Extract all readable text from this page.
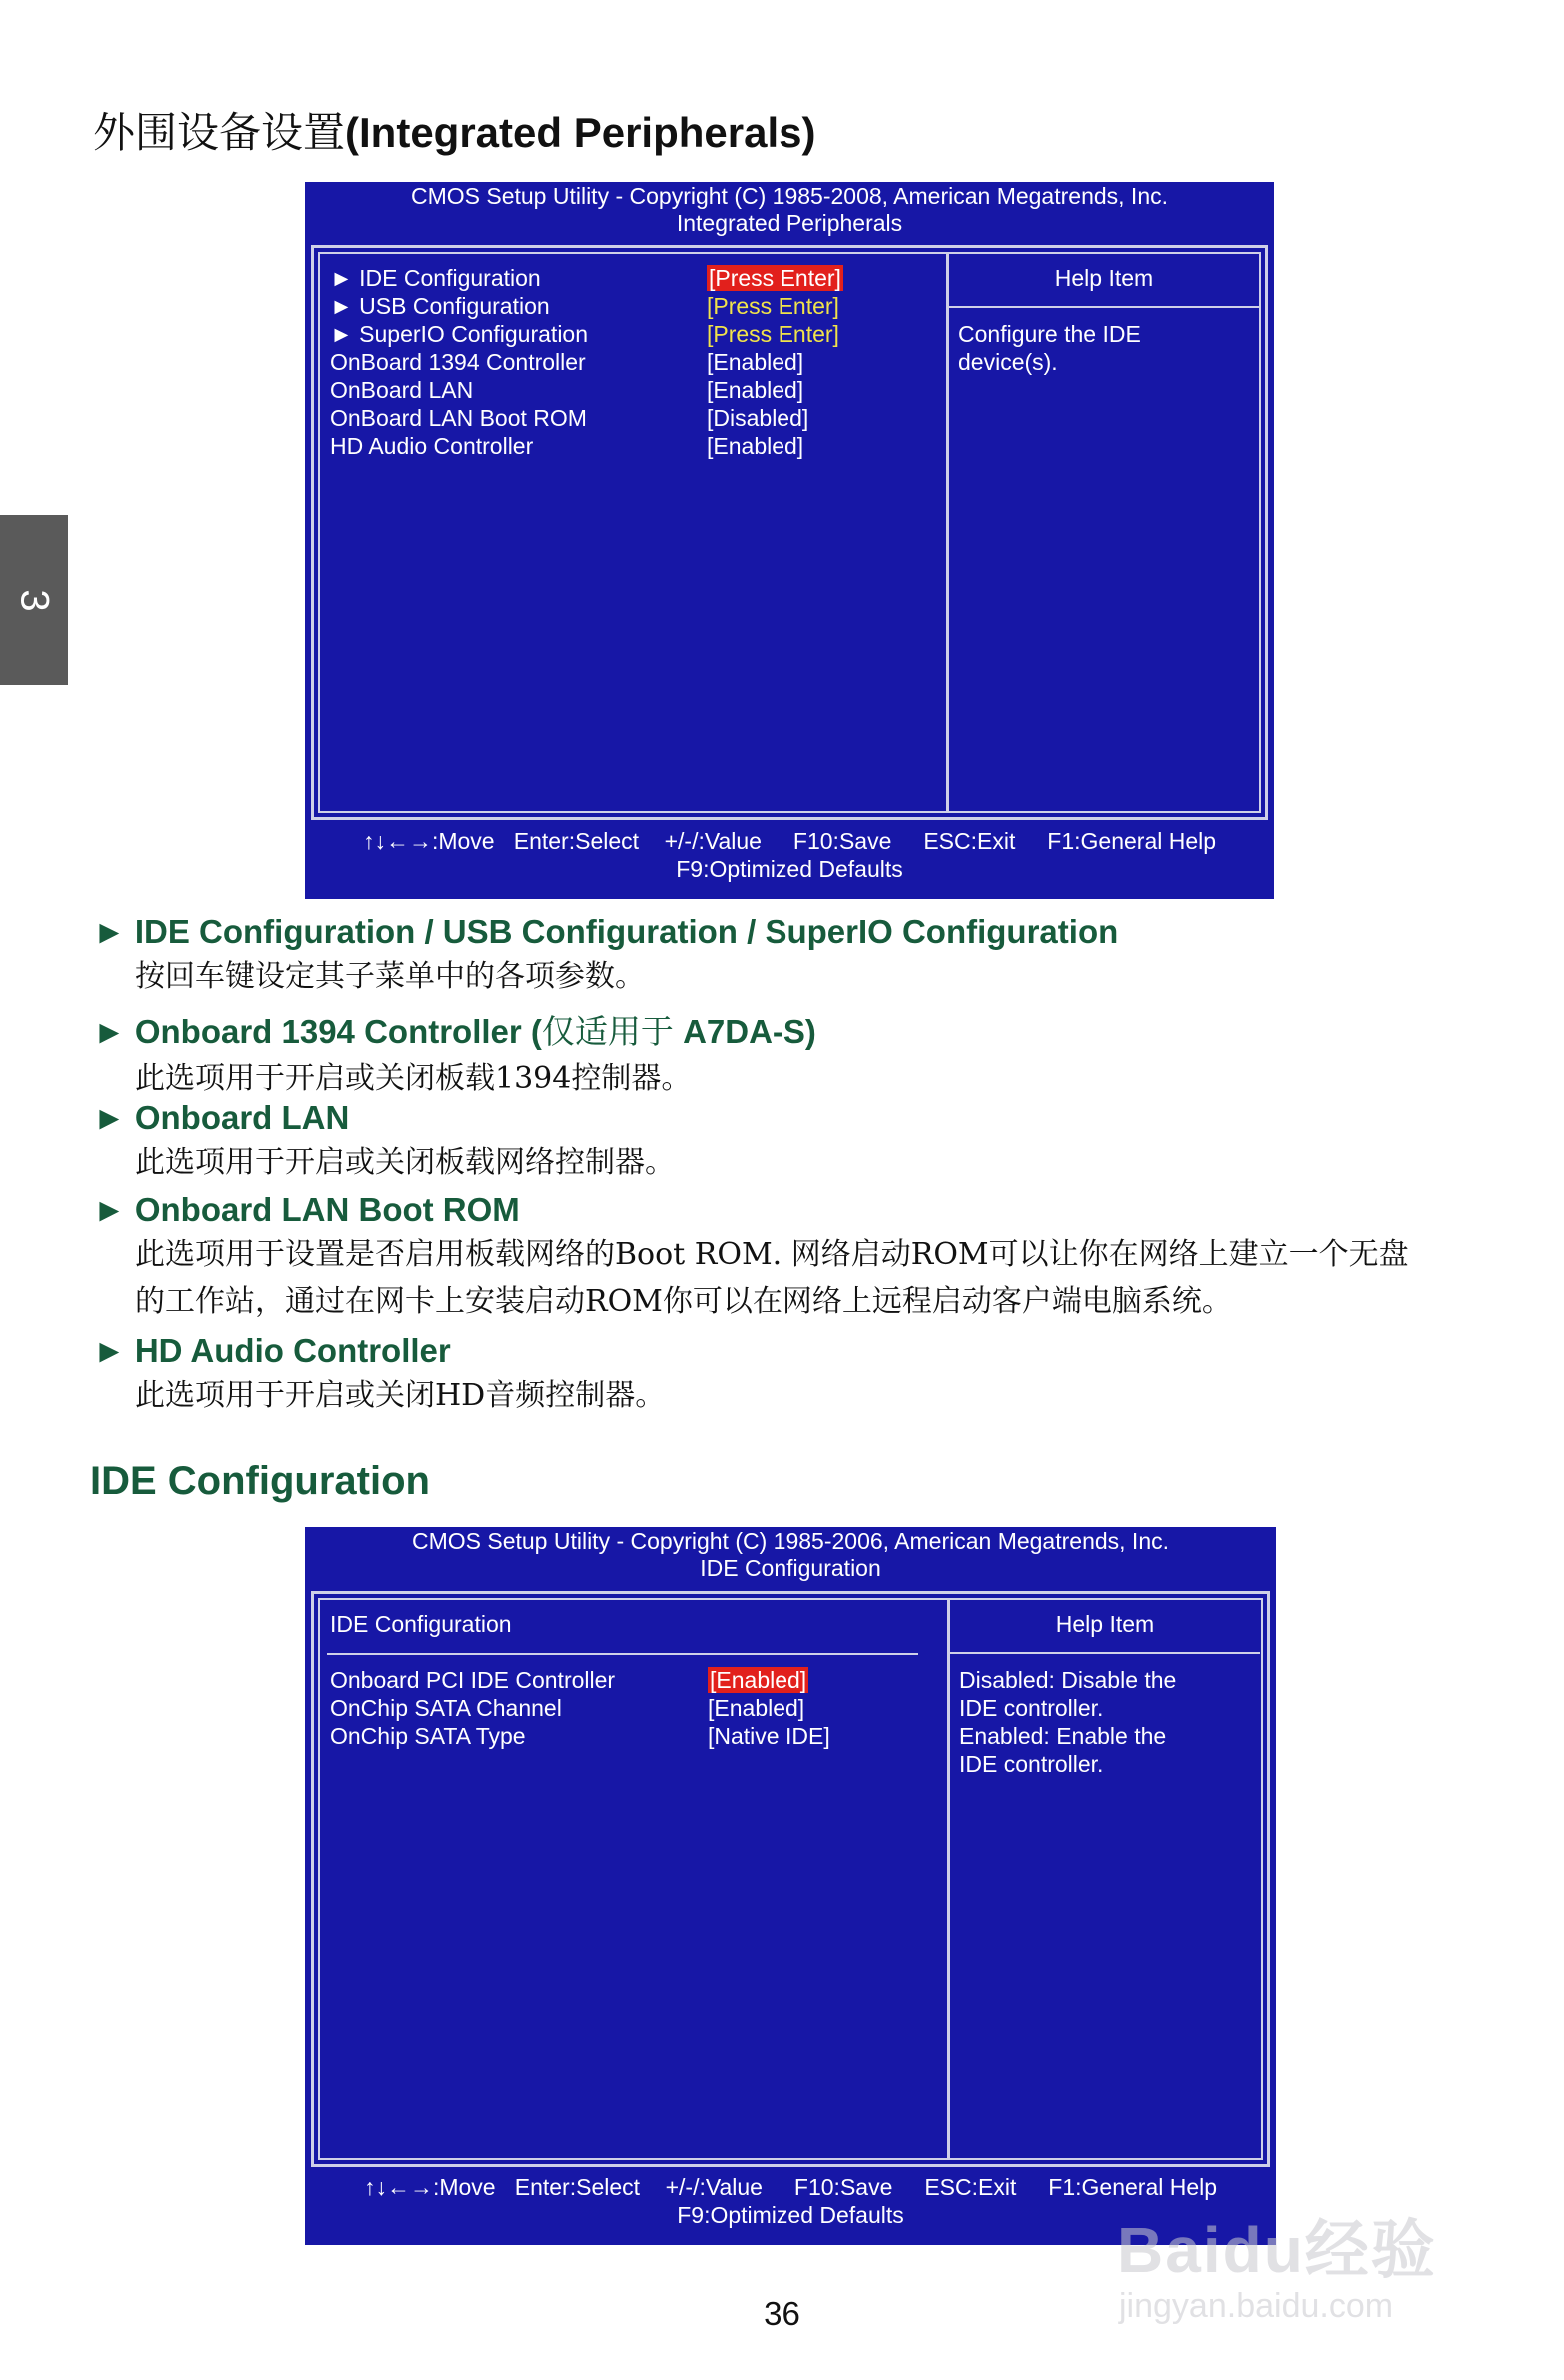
3
外围设备设置(Integrated Peripherals)
CMOS Setup Utility - Copyright (C) 1985-2008, American Megatrends, Inc.
Integrated Peripherals
► IDE Configuration	[Press Enter]
► USB Configuration	[Press Enter]
► SuperIO Configuration	[Press Enter]
OnBoard 1394 Controller	[Enabled]
OnBoard LAN	[Enabled]
OnBoard LAN Boot ROM	[Disabled]
HD Audio Controller	[Enabled]
Help Item
Configure the IDE
device(s).
↑↓←→:Move   Enter:Select    +/-/:Value     F10:Save     ESC:Exit     F1:General Help
F9:Optimized Defaults
► IDE Configuration / USB Configuration / SuperIO Configuration
按回车键设定其子菜单中的各项参数。
► Onboard 1394 Controller (仅适用于 A7DA-S)
此选项用于开启或关闭板载1394控制器。
► Onboard LAN
此选项用于开启或关闭板载网络控制器。
► Onboard LAN Boot ROM
此选项用于设置是否启用板载网络的Boot ROM. 网络启动ROM可以让你在网络上建立一个无盘
的工作站，通过在网卡上安装启动ROM你可以在网络上远程启动客户端电脑系统。
► HD Audio Controller
此选项用于开启或关闭HD音频控制器。
IDE Configuration
CMOS Setup Utility - Copyright (C) 1985-2006, American Megatrends, Inc.
IDE Configuration
IDE Configuration
Onboard PCI IDE Controller	[Enabled]
OnChip SATA Channel	[Enabled]
OnChip SATA Type	[Native IDE]
Help Item
Disabled: Disable the
IDE controller.
Enabled: Enable the
IDE controller.
↑↓←→:Move   Enter:Select    +/-/:Value     F10:Save     ESC:Exit     F1:General Help
F9:Optimized Defaults
36
Baidu经验
jingyan.baidu.com
